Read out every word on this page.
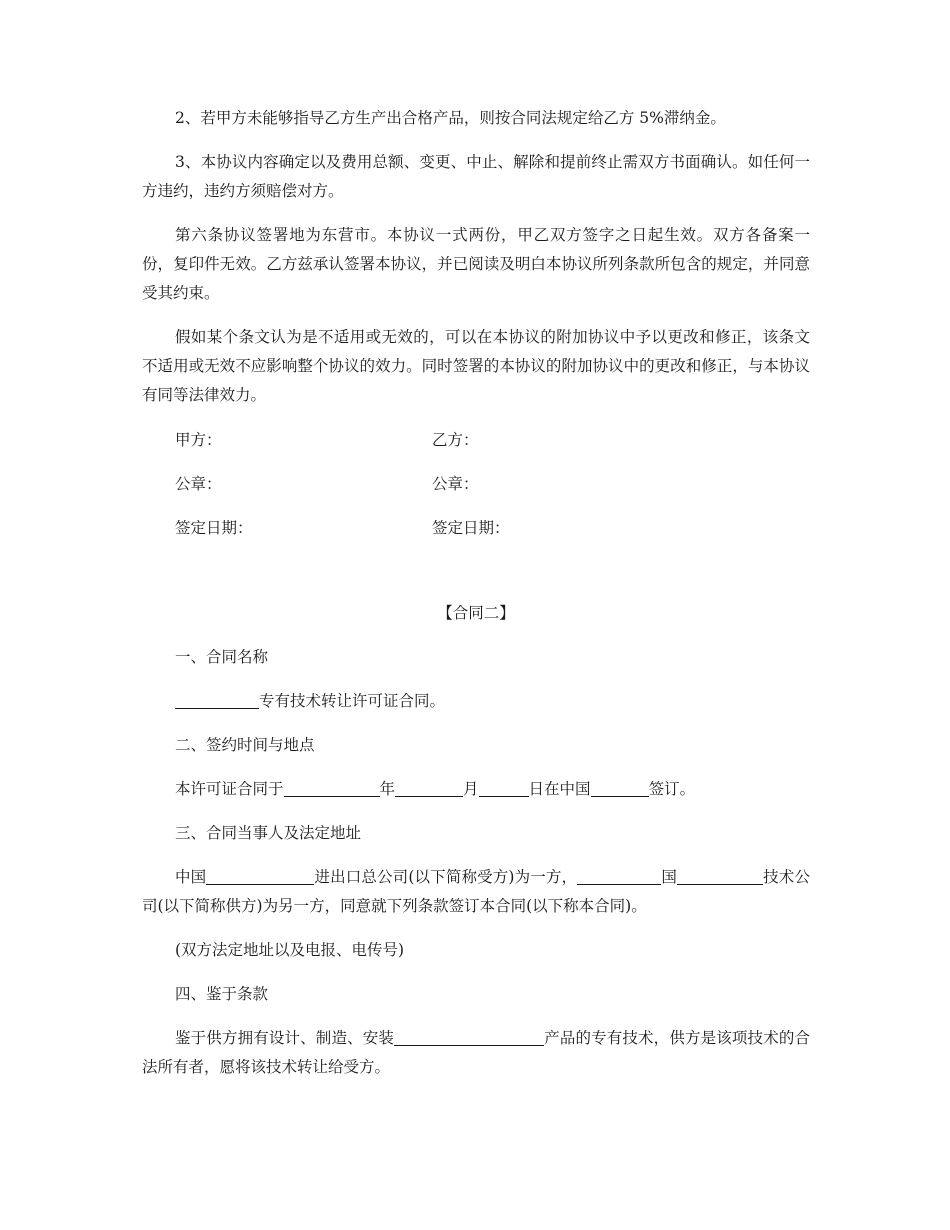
2、若甲方未能够指导乙方生产出合格产品，则按合同法规定给乙方 5%滞纳金。

3、本协议内容确定以及费用总额、变更、中止、解除和提前终止需双方书面确认。如任何一方违约，违约方须赔偿对方。

第六条协议签署地为东营市。本协议一式两份，甲乙双方签字之日起生效。双方各备案一份，复印件无效。乙方兹承认签署本协议，并已阅读及明白本协议所列条款所包含的规定，并同意受其约束。

假如某个条文认为是不适用或无效的，可以在本协议的附加协议中予以更改和修正，该条文不适用或无效不应影响整个协议的效力。同时签署的本协议的附加协议中的更改和修正，与本协议有同等法律效力。

甲方：	乙方：
公章：	公章：
签定日期：	签定日期：

【合同二】

一、合同名称

专有技术转让许可证合同。

二、签约时间与地点

本许可证合同于	年	月	日在中国	签订。

三、合同当事人及法定地址

中国	进出口总公司(以下简称受方)为一方，	国	技术公司(以下简称供方)为另一方，同意就下列条款签订本合同(以下称本合同)。

(双方法定地址以及电报、电传号)

四、鉴于条款

鉴于供方拥有设计、制造、安装	产品的专有技术，供方是该项技术的合法所有者，愿将该技术转让给受方。
